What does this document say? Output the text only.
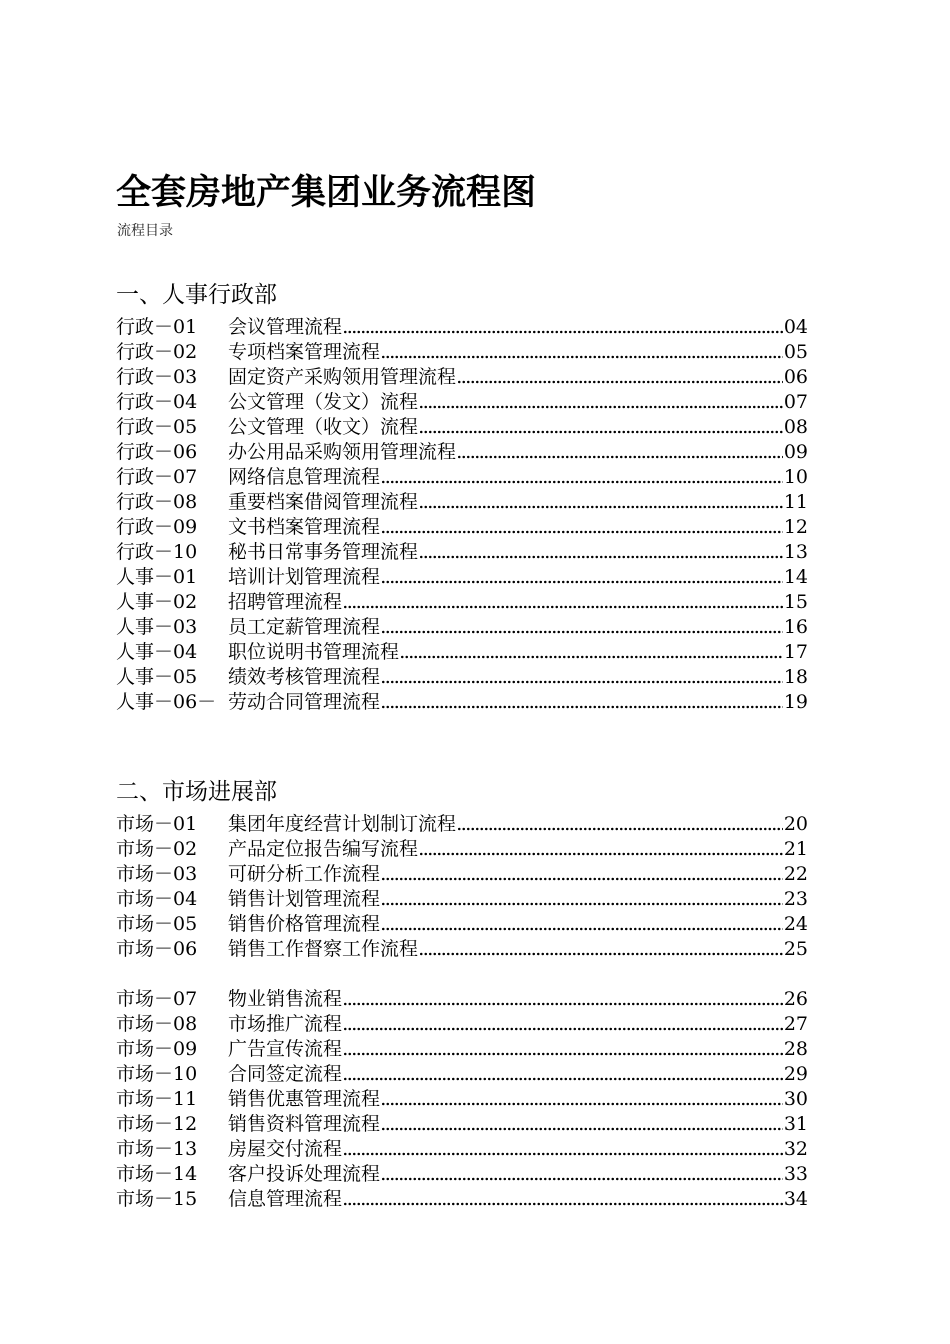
全套房地产集团业务流程图
流程目录
一、人事行政部
行政－01	会议管理流程	04
行政－02	专项档案管理流程	05
行政－03	固定资产采购领用管理流程	06
行政－04	公文管理（发文）流程	07
行政－05	公文管理（收文）流程	08
行政－06	办公用品采购领用管理流程	09
行政－07	网络信息管理流程	10
行政－08	重要档案借阅管理流程	11
行政－09	文书档案管理流程	12
行政－10	秘书日常事务管理流程	13
人事－01	培训计划管理流程	14
人事－02	招聘管理流程	15
人事－03	员工定薪管理流程	16
人事－04	职位说明书管理流程	17
人事－05	绩效考核管理流程	18
人事－06－ 劳动合同管理流程	19
二、市场进展部
市场－01	集团年度经营计划制订流程	20
市场－02	产品定位报告编写流程	21
市场－03	可研分析工作流程	22
市场－04	销售计划管理流程	23
市场－05	销售价格管理流程	24
市场－06	销售工作督察工作流程	25
市场－07	物业销售流程	26
市场－08	市场推广流程	27
市场－09	广告宣传流程	28
市场－10	合同签定流程	29
市场－11	销售优惠管理流程	30
市场－12	销售资料管理流程	31
市场－13	房屋交付流程	32
市场－14	客户投诉处理流程	33
市场－15	信息管理流程	34
